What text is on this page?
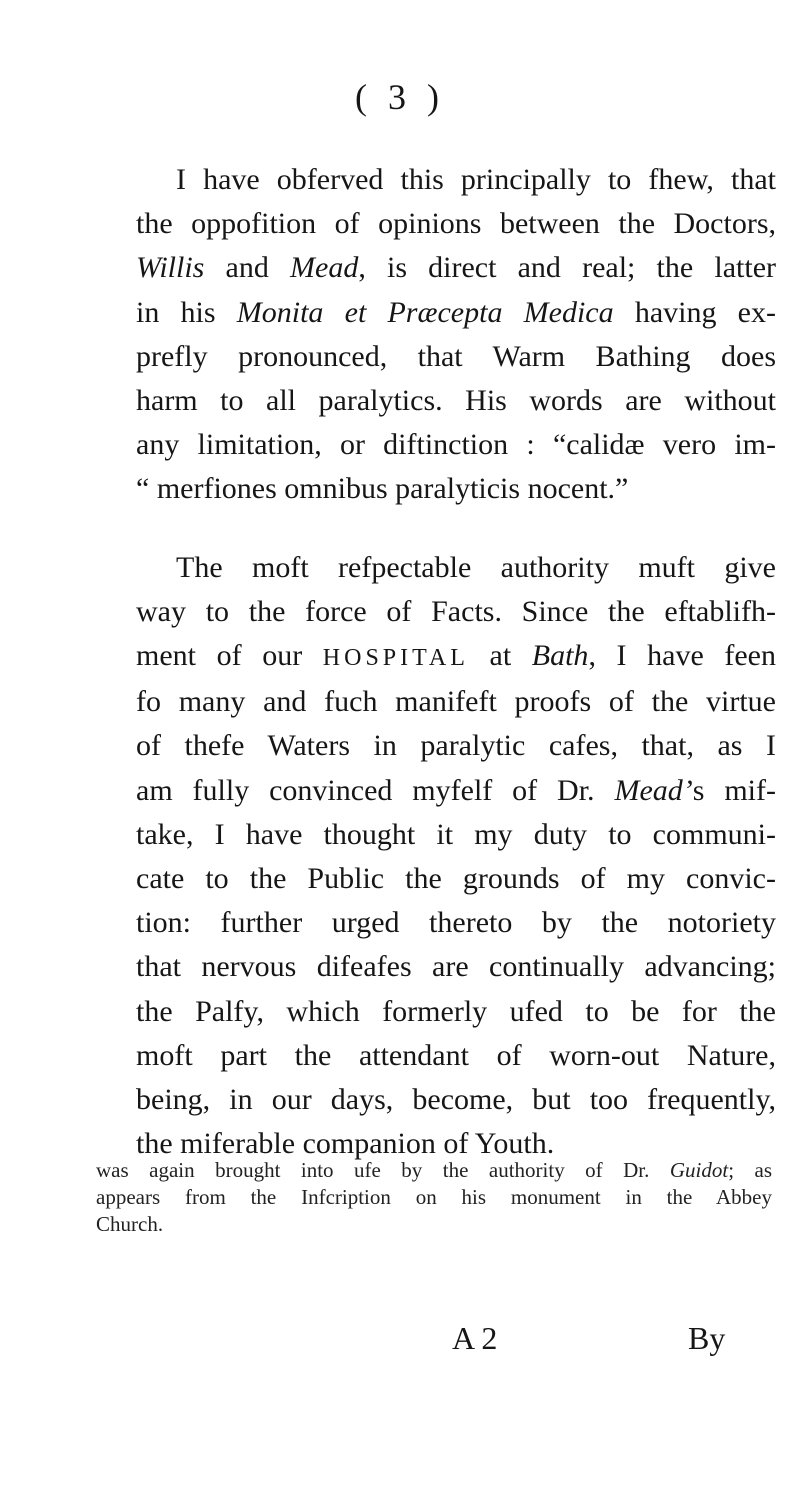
( 3 )

I have obferved this principally to fhew, that
the oppofition of opinions between the Doctors,
Willis and Mead, is direct and real; the latter
in his Monita et Præcepta Medica having ex-
prefly pronounced, that Warm Bathing does
harm to all paralytics. His words are without
any limitation, or diftinction : “calidæ vero im-
“ merfiones omnibus paralyticis nocent.”

The moft refpectable authority muft give
way to the force of Facts. Since the eftablifh-
ment of our HOSPITAL at Bath, I have feen
fo many and fuch manifeft proofs of the virtue
of thefe Waters in paralytic cafes, that, as I
am fully convinced myfelf of Dr. Mead’s mif-
take, I have thought it my duty to communi-
cate to the Public the grounds of my convic-
tion: further urged thereto by the notoriety
that nervous difeafes are continually advancing;
the Palfy, which formerly ufed to be for the
moft part the attendant of worn-out Nature,
being, in our days, become, but too frequently,
the miferable companion of Youth.

was again brought into ufe by the authority of Dr. Guidot; as
appears from the Infcription on his monument in the Abbey
Church.
A 2	By
